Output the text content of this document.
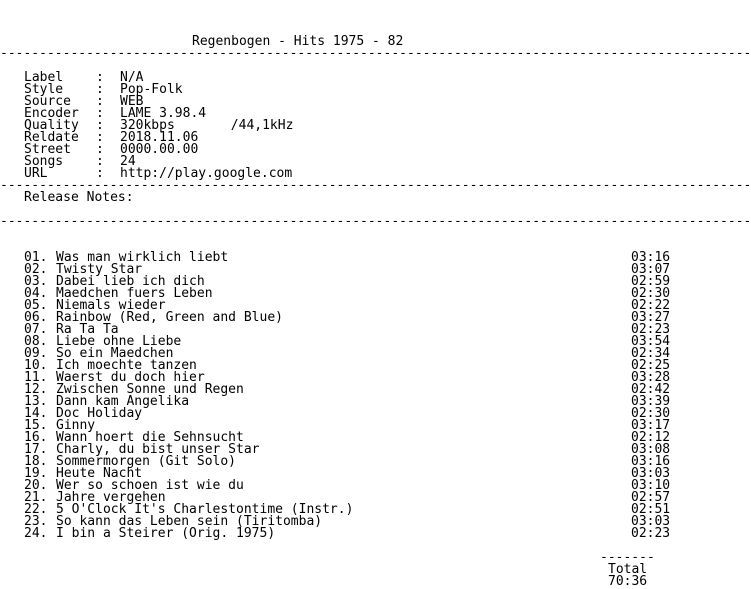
Regenbogen - Hits 1975 - 82
------------------------------------------------------------------------------------------------
Label	: N/A
Style	: Pop-Folk
Source	: WEB
Encoder	: LAME 3.98.4
Quality	: 320kbps	/44,1kHz
Reldate	: 2018.11.06
Street	: 0000.00.00
Songs	: 24
URL	: http://play.google.com
------------------------------------------------------------------------------------------------
Release Notes:
------------------------------------------------------------------------------------------------
01. Was man wirklich liebt	03:16
02. Twisty Star	03:07
03. Dabei lieb ich dich	02:59
04. Maedchen fuers Leben	02:30
05. Niemals wieder	02:22
06. Rainbow (Red, Green and Blue)	03:27
07. Ra Ta Ta	02:23
08. Liebe ohne Liebe	03:54
09. So ein Maedchen	02:34
10. Ich moechte tanzen	02:25
11. Waerst du doch hier	03:28
12. Zwischen Sonne und Regen	02:42
13. Dann kam Angelika	03:39
14. Doc Holiday	02:30
15. Ginny	03:17
16. Wann hoert die Sehnsucht	02:12
17. Charly, du bist unser Star	03:08
18. Sommermorgen (Git Solo)	03:16
19. Heute Nacht	03:03
20. Wer so schoen ist wie du	03:10
21. Jahre vergehen	02:57
22. 5 O'Clock It's Charlestontime (Instr.)	02:51
23. So kann das Leben sein (Tiritomba)	03:03
24. I bin a Steirer (Orig. 1975)	02:23
-------
Total
70:36
